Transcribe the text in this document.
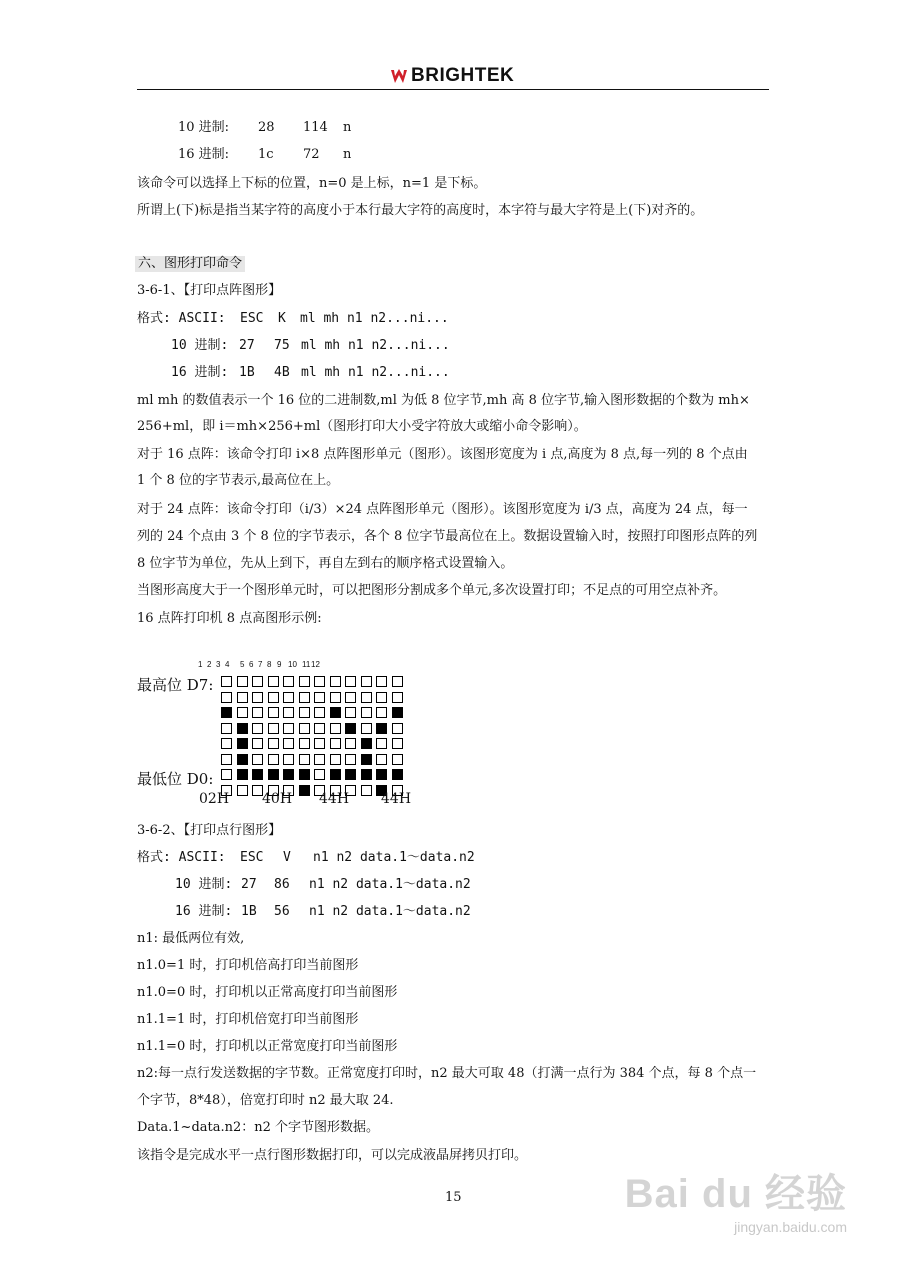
BRIGHTEK
10 进制: 28 114 n
16 进制: 1c 72 n
该命令可以选择上下标的位置，n=0 是上标，n=1 是下标。
所谓上(下)标是指当某字符的高度小于本行最大字符的高度时，本字符与最大字符是上(下)对齐的。
六、图形打印命令
3-6-1、【打印点阵图形】
格式: ASCII: ESC K ml mh n1 n2...ni...
10 进制: 27 75 ml mh n1 n2...ni...
16 进制: 1B 4B ml mh n1 n2...ni...
ml mh 的数值表示一个 16 位的二进制数,ml 为低 8 位字节,mh 高 8 位字节,输入图形数据的个数为 mh×
256+ml，即 i＝mh×256+ml（图形打印大小受字符放大或缩小命令影响）。
对于 16 点阵：该命令打印 i×8 点阵图形单元（图形）。该图形宽度为 i 点,高度为 8 点,每一列的 8 个点由
1 个 8 位的字节表示,最高位在上。
对于 24 点阵：该命令打印（i/3）×24 点阵图形单元（图形）。该图形宽度为 i/3 点，高度为 24 点，每一
列的 24 个点由 3 个 8 位的字节表示，各个 8 位字节最高位在上。数据设置输入时，按照打印图形点阵的列
8 位字节为单位，先从上到下，再自左到右的顺序格式设置输入。
当图形高度大于一个图形单元时，可以把图形分割成多个单元,多次设置打印；不足点的可用空点补齐。
16 点阵打印机 8 点高图形示例:
1 2 3 4 5 6 7 8 9 10 11 12
最高位 D7:
最低位 D0:
02H 40H 44H 44H
3-6-2、【打印点行图形】
格式: ASCII: ESC V n1 n2 data.1～data.n2
10 进制: 27 86 n1 n2 data.1～data.n2
16 进制: 1B 56 n1 n2 data.1～data.n2
n1: 最低两位有效,
n1.0=1 时，打印机倍高打印当前图形
n1.0=0 时，打印机以正常高度打印当前图形
n1.1=1 时，打印机倍宽打印当前图形
n1.1=0 时，打印机以正常宽度打印当前图形
n2:每一点行发送数据的字节数。正常宽度打印时，n2 最大可取 48（打满一点行为 384 个点，每 8 个点一
个字节，8*48），倍宽打印时 n2 最大取 24.
Data.1~data.n2：n2 个字节图形数据。
该指令是完成水平一点行图形数据打印，可以完成液晶屏拷贝打印。
15	Bai du 经验
jingyan.baidu.com
